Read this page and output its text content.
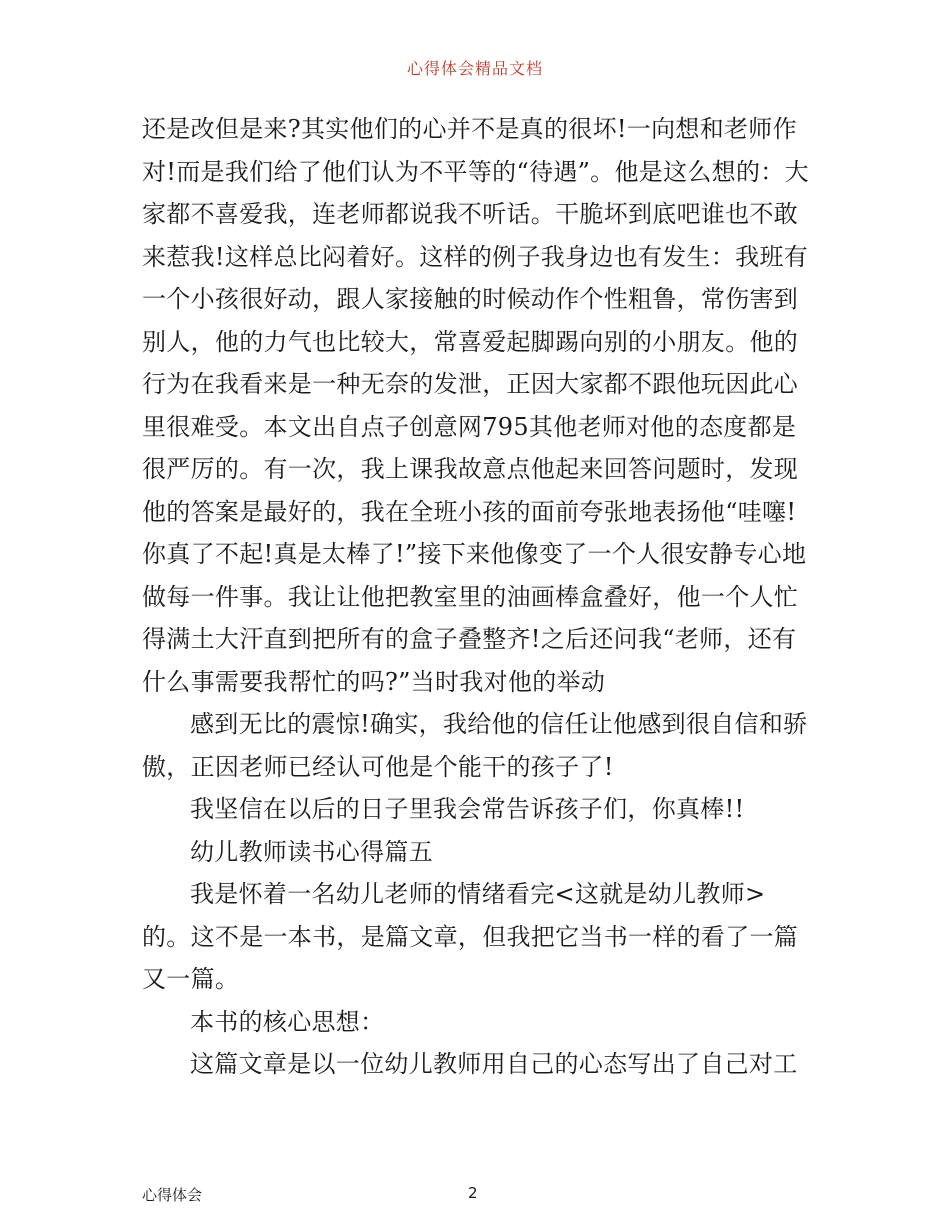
心得体会精品文档

还是改但是来?其实他们的心并不是真的很坏!一向想和老师作对!而是我们给了他们认为不平等的“待遇”。他是这么想的：大家都不喜爱我，连老师都说我不听话。干脆坏到底吧谁也不敢来惹我!这样总比闷着好。这样的例子我身边也有发生：我班有一个小孩很好动，跟人家接触的时候动作个性粗鲁，常伤害到别人，他的力气也比较大，常喜爱起脚踢向别的小朋友。他的行为在我看来是一种无奈的发泄，正因大家都不跟他玩因此心里很难受。本文出自点子创意网795其他老师对他的态度都是很严厉的。有一次，我上课我故意点他起来回答问题时，发现他的答案是最好的，我在全班小孩的面前夸张地表扬他“哇噻!你真了不起!真是太棒了!”接下来他像变了一个人很安静专心地做每一件事。我让让他把教室里的油画棒盒叠好，他一个人忙得满土大汗直到把所有的盒子叠整齐!之后还问我“老师，还有什么事需要我帮忙的吗?”当时我对他的举动

感到无比的震惊!确实，我给他的信任让他感到很自信和骄傲，正因老师已经认可他是个能干的孩子了!

我坚信在以后的日子里我会常告诉孩子们，你真棒!!

幼儿教师读书心得篇五

我是怀着一名幼儿老师的情绪看完<这就是幼儿教师>的。这不是一本书，是篇文章，但我把它当书一样的看了一篇又一篇。

本书的核心思想：

这篇文章是以一位幼儿教师用自己的心态写出了自己对工

心得体会	2
